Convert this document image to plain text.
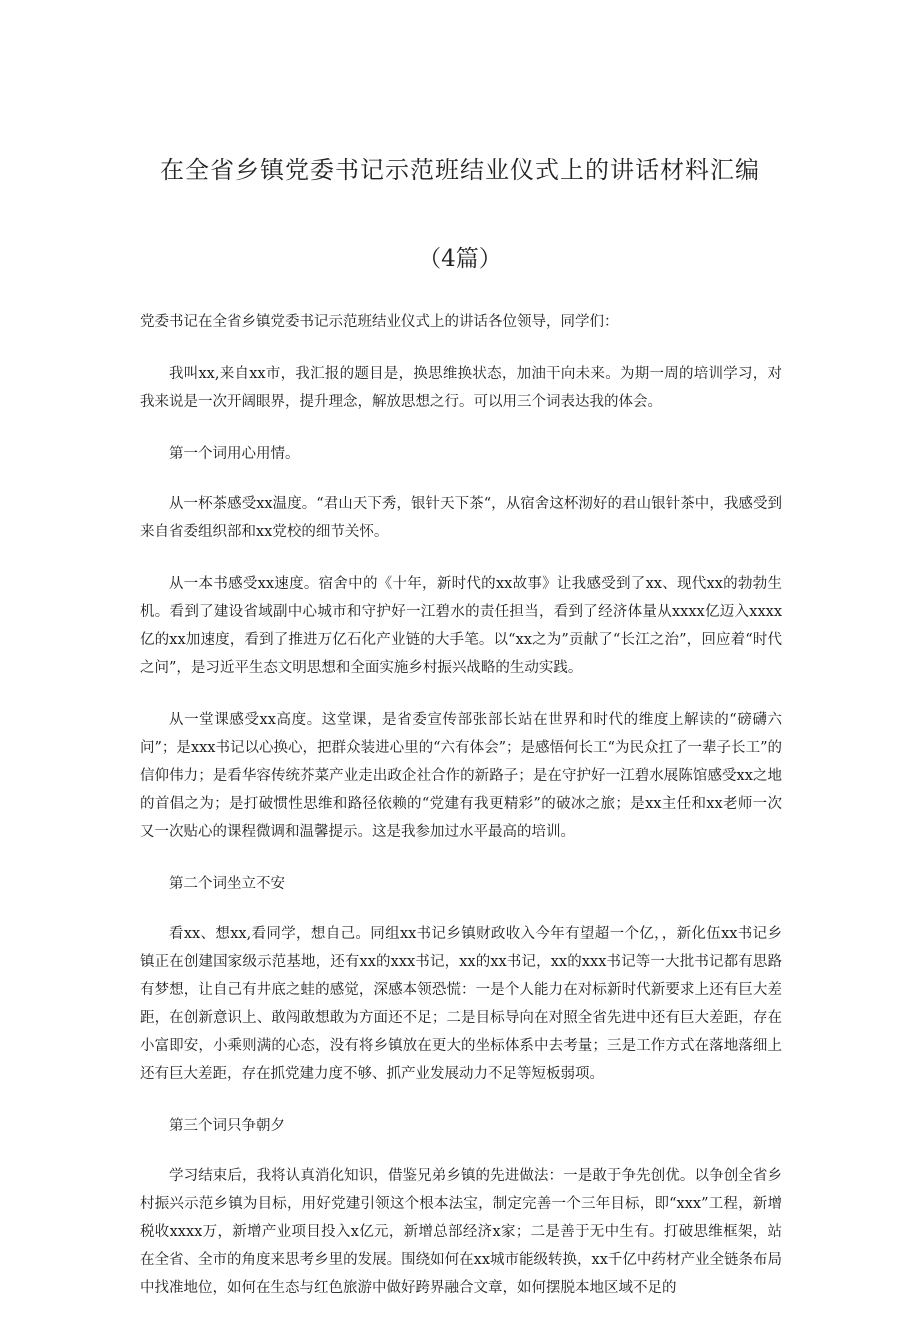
在全省乡镇党委书记示范班结业仪式上的讲话材料汇编
（4篇）

党委书记在全省乡镇党委书记示范班结业仪式上的讲话各位领导，同学们：

我叫xx,来自xx市，我汇报的题目是，换思维换状态，加油干向未来。为期一周的培训学习，对我来说是一次开阔眼界，提升理念，解放思想之行。可以用三个词表达我的体会。

第一个词用心用情。

从一杯茶感受xx温度。“君山天下秀，银针天下茶“，从宿舍这杯沏好的君山银针茶中，我感受到来自省委组织部和xx党校的细节关怀。

从一本书感受xx速度。宿舍中的《十年，新时代的xx故事》让我感受到了xx、现代xx的勃勃生机。看到了建设省域副中心城市和守护好一江碧水的责任担当，看到了经济体量从xxxx亿迈入xxxx亿的xx加速度，看到了推进万亿石化产业链的大手笔。以“xx之为”贡献了“长江之治”，回应着“时代之问”，是习近平生态文明思想和全面实施乡村振兴战略的生动实践。

从一堂课感受xx高度。这堂课，是省委宣传部张部长站在世界和时代的维度上解读的“磅礴六问”；是xxx书记以心换心，把群众装进心里的“六有体会”；是感悟何长工“为民众扛了一辈子长工”的信仰伟力；是看华容传统芥菜产业走出政企社合作的新路子；是在守护好一江碧水展陈馆感受xx之地的首倡之为；是打破惯性思维和路径依赖的“党建有我更精彩”的破冰之旅；是xx主任和xx老师一次又一次贴心的课程微调和温馨提示。这是我参加过水平最高的培训。

第二个词坐立不安

看xx、想xx,看同学，想自己。同组xx书记乡镇财政收入今年有望超一个亿，，新化伍xx书记乡镇正在创建国家级示范基地，还有xx的xxx书记，xx的xx书记，xx的xxx书记等一大批书记都有思路有梦想，让自己有井底之蛙的感觉，深感本领恐慌：一是个人能力在对标新时代新要求上还有巨大差距，在创新意识上、敢闯敢想敢为方面还不足；二是目标导向在对照全省先进中还有巨大差距，存在小富即安，小乘则满的心态，没有将乡镇放在更大的坐标体系中去考量；三是工作方式在落地落细上还有巨大差距，存在抓党建力度不够、抓产业发展动力不足等短板弱项。

第三个词只争朝夕

学习结束后，我将认真消化知识，借鉴兄弟乡镇的先进做法：一是敢于争先创优。以争创全省乡村振兴示范乡镇为目标，用好党建引领这个根本法宝，制定完善一个三年目标，即“xxx”工程，新增税收xxxx万，新增产业项目投入x亿元，新增总部经济x家；二是善于无中生有。打破思维框架，站在全省、全市的角度来思考乡里的发展。围绕如何在xx城市能级转换，xx千亿中药材产业全链条布局中找准地位，如何在生态与红色旅游中做好跨界融合文章，如何摆脱本地区域不足的
